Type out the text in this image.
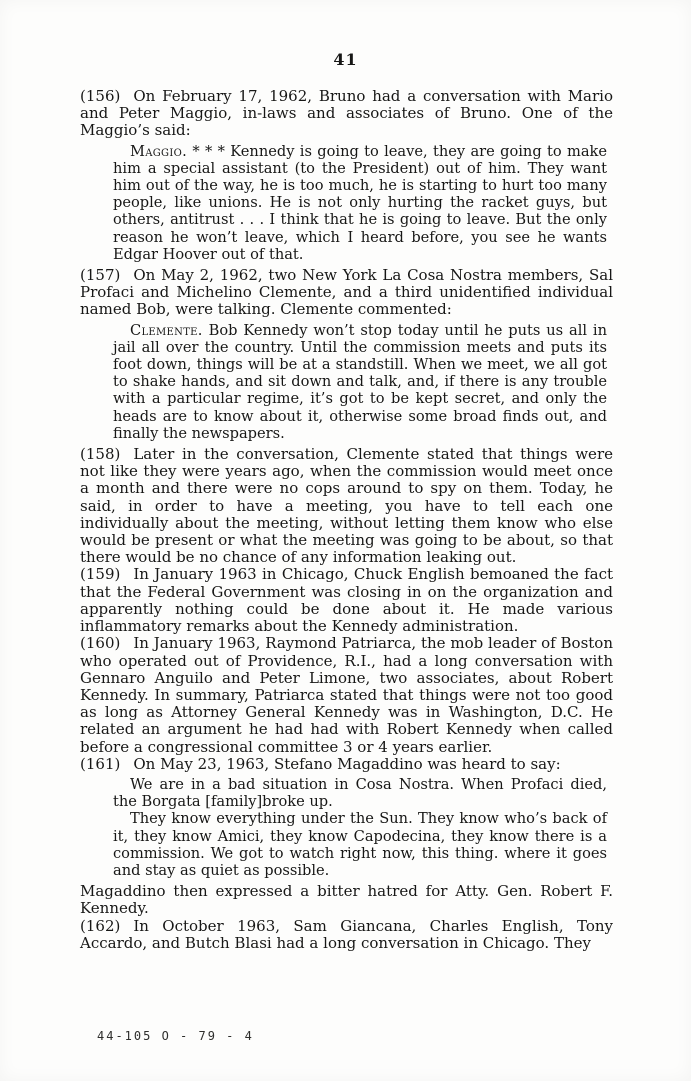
41

(156) On February 17, 1962, Bruno had a conversation with Mario and Peter Maggio, in-laws and associates of Bruno. One of the Maggio’s said:

Maggio. * * * Kennedy is going to leave, they are going to make him a special assistant (to the President) out of him. They want him out of the way, he is too much, he is starting to hurt too many people, like unions. He is not only hurting the racket guys, but others, antitrust . . . I think that he is going to leave. But the only reason he won’t leave, which I heard before, you see he wants Edgar Hoover out of that.

(157) On May 2, 1962, two New York La Cosa Nostra members, Sal Profaci and Michelino Clemente, and a third unidentified individual named Bob, were talking. Clemente commented:

Clemente. Bob Kennedy won’t stop today until he puts us all in jail all over the country. Until the commission meets and puts its foot down, things will be at a standstill. When we meet, we all got to shake hands, and sit down and talk, and, if there is any trouble with a particular regime, it’s got to be kept secret, and only the heads are to know about it, otherwise some broad finds out, and finally the newspapers.

(158) Later in the conversation, Clemente stated that things were not like they were years ago, when the commission would meet once a month and there were no cops around to spy on them. Today, he said, in order to have a meeting, you have to tell each one individually about the meeting, without letting them know who else would be present or what the meeting was going to be about, so that there would be no chance of any information leaking out.

(159) In January 1963 in Chicago, Chuck English bemoaned the fact that the Federal Government was closing in on the organization and apparently nothing could be done about it. He made various inflammatory remarks about the Kennedy administration.

(160) In January 1963, Raymond Patriarca, the mob leader of Boston who operated out of Providence, R.I., had a long conversation with Gennaro Anguilo and Peter Limone, two associates, about Robert Kennedy. In summary, Patriarca stated that things were not too good as long as Attorney General Kennedy was in Washington, D.C. He related an argument he had had with Robert Kennedy when called before a congressional committee 3 or 4 years earlier.

(161) On May 23, 1963, Stefano Magaddino was heard to say:

We are in a bad situation in Cosa Nostra. When Profaci died, the Borgata [family]broke up.

They know everything under the Sun. They know who’s back of it, they know Amici, they know Capodecina, they know there is a commission. We got to watch right now, this thing. where it goes and stay as quiet as possible.

Magaddino then expressed a bitter hatred for Atty. Gen. Robert F. Kennedy.

(162) In October 1963, Sam Giancana, Charles English, Tony Accardo, and Butch Blasi had a long conversation in Chicago. They

44-105 O - 79 - 4
